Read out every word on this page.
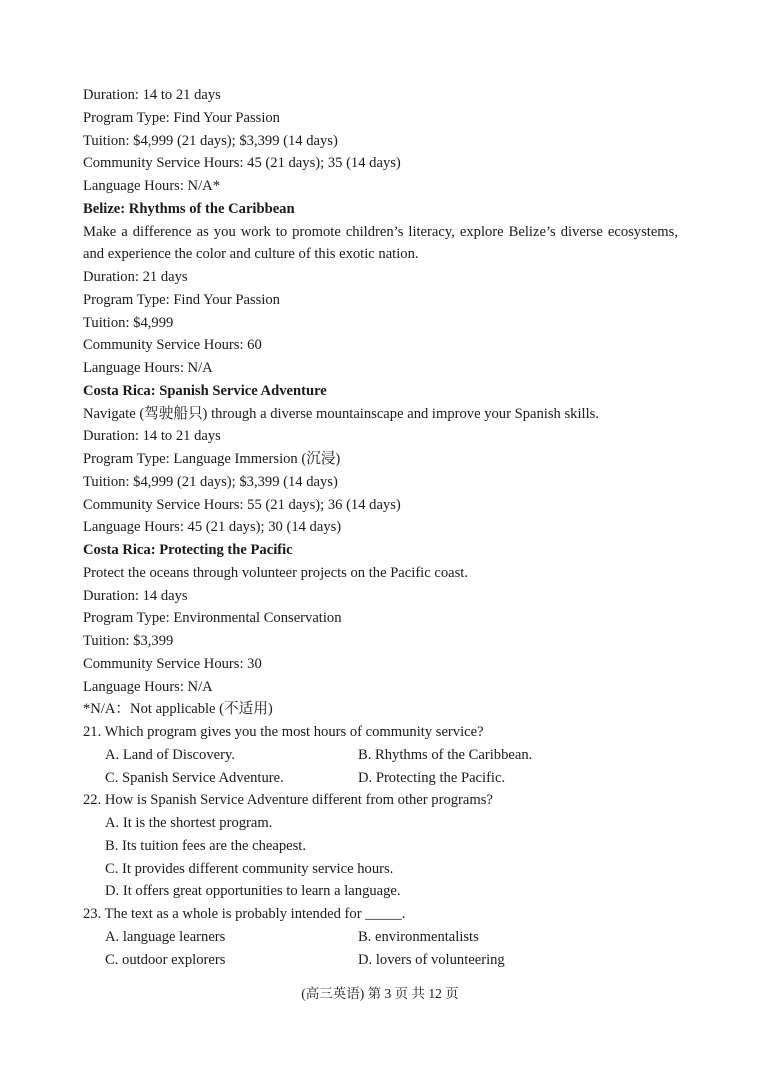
Duration: 14 to 21 days
Program Type: Find Your Passion
Tuition: $4,999 (21 days); $3,399 (14 days)
Community Service Hours: 45 (21 days); 35 (14 days)
Language Hours: N/A*
Belize: Rhythms of the Caribbean
Make a difference as you work to promote children’s literacy, explore Belize’s diverse ecosystems, and experience the color and culture of this exotic nation.
Duration: 21 days
Program Type: Find Your Passion
Tuition: $4,999
Community Service Hours: 60
Language Hours: N/A
Costa Rica: Spanish Service Adventure
Navigate (驾驶船只) through a diverse mountainscape and improve your Spanish skills.
Duration: 14 to 21 days
Program Type: Language Immersion (沉浸)
Tuition: $4,999 (21 days); $3,399 (14 days)
Community Service Hours: 55 (21 days); 36 (14 days)
Language Hours: 45 (21 days); 30 (14 days)
Costa Rica: Protecting the Pacific
Protect the oceans through volunteer projects on the Pacific coast.
Duration: 14 days
Program Type: Environmental Conservation
Tuition: $3,399
Community Service Hours: 30
Language Hours: N/A
*N/A：Not applicable (不适用)
21. Which program gives you the most hours of community service?
A. Land of Discovery.	B. Rhythms of the Caribbean.
C. Spanish Service Adventure.	D. Protecting the Pacific.
22. How is Spanish Service Adventure different from other programs?
A. It is the shortest program.
B. Its tuition fees are the cheapest.
C. It provides different community service hours.
D. It offers great opportunities to learn a language.
23. The text as a whole is probably intended for _____.
A. language learners	B. environmentalists
C. outdoor explorers	D. lovers of volunteering
(高三英语) 第 3 页 共 12 页
